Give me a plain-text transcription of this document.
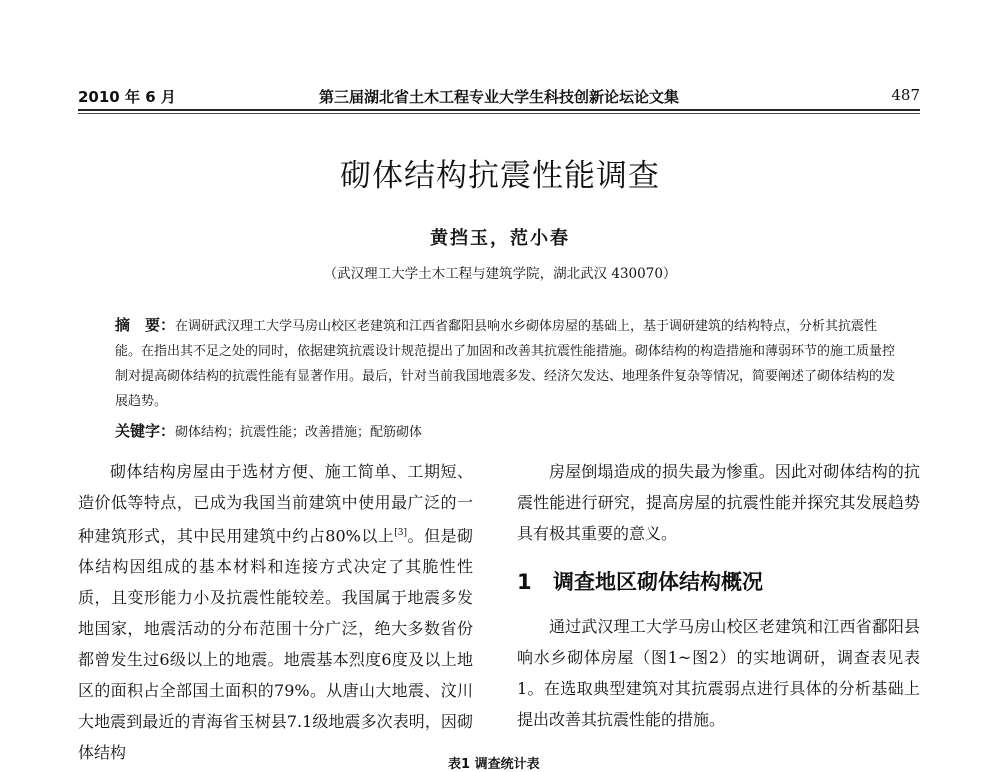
2010 年 6 月	第三届湖北省土木工程专业大学生科技创新论坛论文集	487
砌体结构抗震性能调查
黄挡玉，范小春
（武汉理工大学土木工程与建筑学院，湖北武汉 430070）
摘　要：在调研武汉理工大学马房山校区老建筑和江西省鄱阳县响水乡砌体房屋的基础上，基于调研建筑的结构特点，分析其抗震性能。在指出其不足之处的同时，依据建筑抗震设计规范提出了加固和改善其抗震性能措施。砌体结构的构造措施和薄弱环节的施工质量控制对提高砌体结构的抗震性能有显著作用。最后，针对当前我国地震多发、经济欠发达、地理条件复杂等情况，简要阐述了砌体结构的发展趋势。
关键字：砌体结构；抗震性能；改善措施；配筋砌体

砌体结构房屋由于选材方便、施工简单、工期短、造价低等特点，已成为我国当前建筑中使用最广泛的一种建筑形式，其中民用建筑中约占80%以上[3]。但是砌体结构因组成的基本材料和连接方式决定了其脆性性质，且变形能力小及抗震性能较差。我国属于地震多发地国家，地震活动的分布范围十分广泛，绝大多数省份都曾发生过6级以上的地震。地震基本烈度6度及以上地区的面积占全部国土面积的79%。从唐山大地震、汶川大地震到最近的青海省玉树县7.1级地震多次表明，因砌体结构

房屋倒塌造成的损失最为惨重。因此对砌体结构的抗震性能进行研究，提高房屋的抗震性能并探究其发展趋势具有极其重要的意义。

1 调查地区砌体结构概况

通过武汉理工大学马房山校区老建筑和江西省鄱阳县响水乡砌体房屋（图1~图2）的实地调研，调查表见表1。在选取典型建筑对其抗震弱点进行具体的分析基础上提出改善其抗震性能的措施。

表1 调查统计表
